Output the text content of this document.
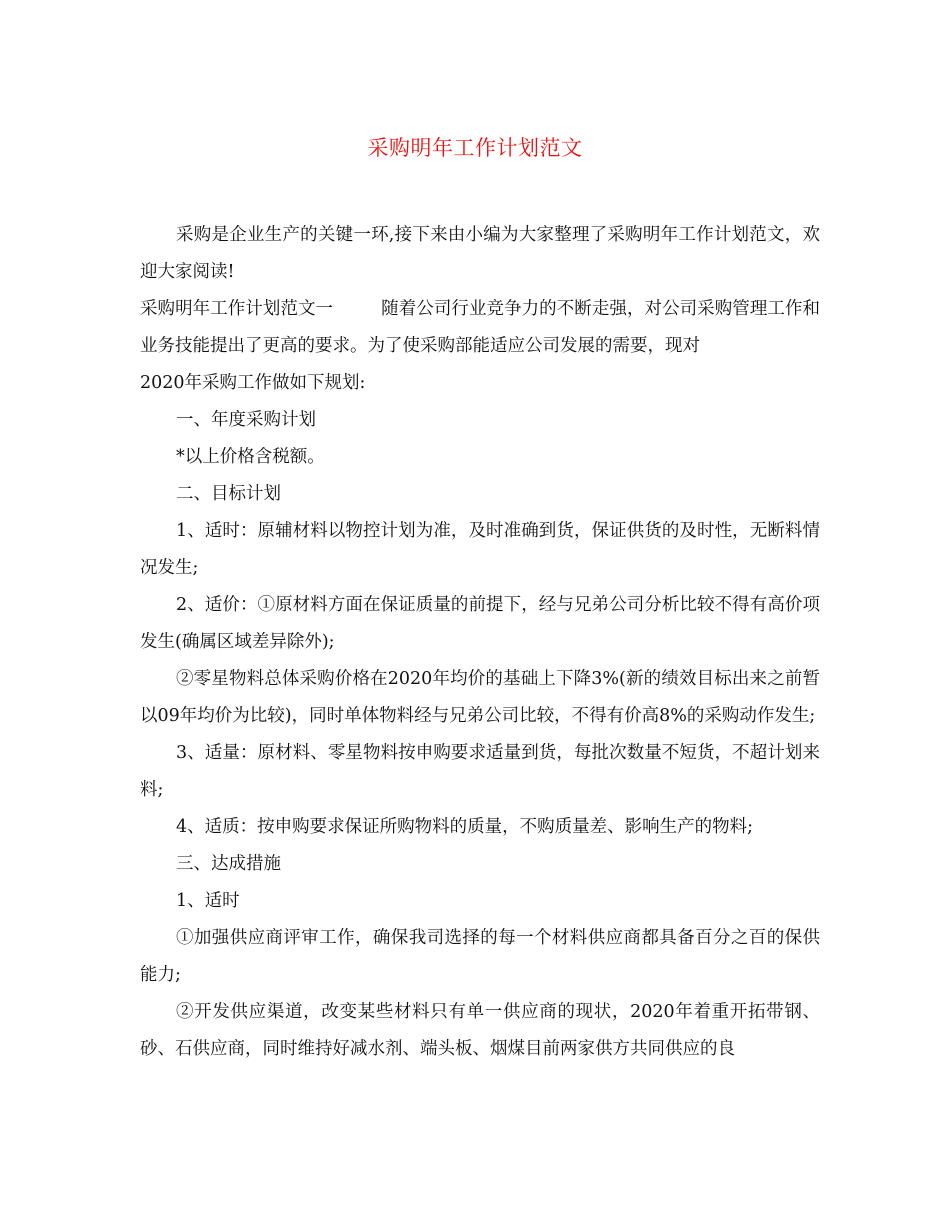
采购明年工作计划范文

采购是企业生产的关键一环,接下来由小编为大家整理了采购明年工作计划范文，欢迎大家阅读!

采购明年工作计划范文一	随着公司行业竞争力的不断走强，对公司采购管理工作和业务技能提出了更高的要求。为了使采购部能适应公司发展的需要，现对

2020年采购工作做如下规划:

一、年度采购计划

*以上价格含税额。

二、目标计划

1、适时：原辅材料以物控计划为准，及时准确到货，保证供货的及时性，无断料情况发生;

2、适价：①原材料方面在保证质量的前提下，经与兄弟公司分析比较不得有高价项发生(确属区域差异除外);

②零星物料总体采购价格在2020年均价的基础上下降3%(新的绩效目标出来之前暂以09年均价为比较)，同时单体物料经与兄弟公司比较，不得有价高8%的采购动作发生;

3、适量：原材料、零星物料按申购要求适量到货，每批次数量不短货，不超计划来料;

4、适质：按申购要求保证所购物料的质量，不购质量差、影响生产的物料;

三、达成措施

1、适时

①加强供应商评审工作，确保我司选择的每一个材料供应商都具备百分之百的保供能力;

②开发供应渠道，改变某些材料只有单一供应商的现状，2020年着重开拓带钢、砂、石供应商，同时维持好减水剂、端头板、烟煤目前两家供方共同供应的良
